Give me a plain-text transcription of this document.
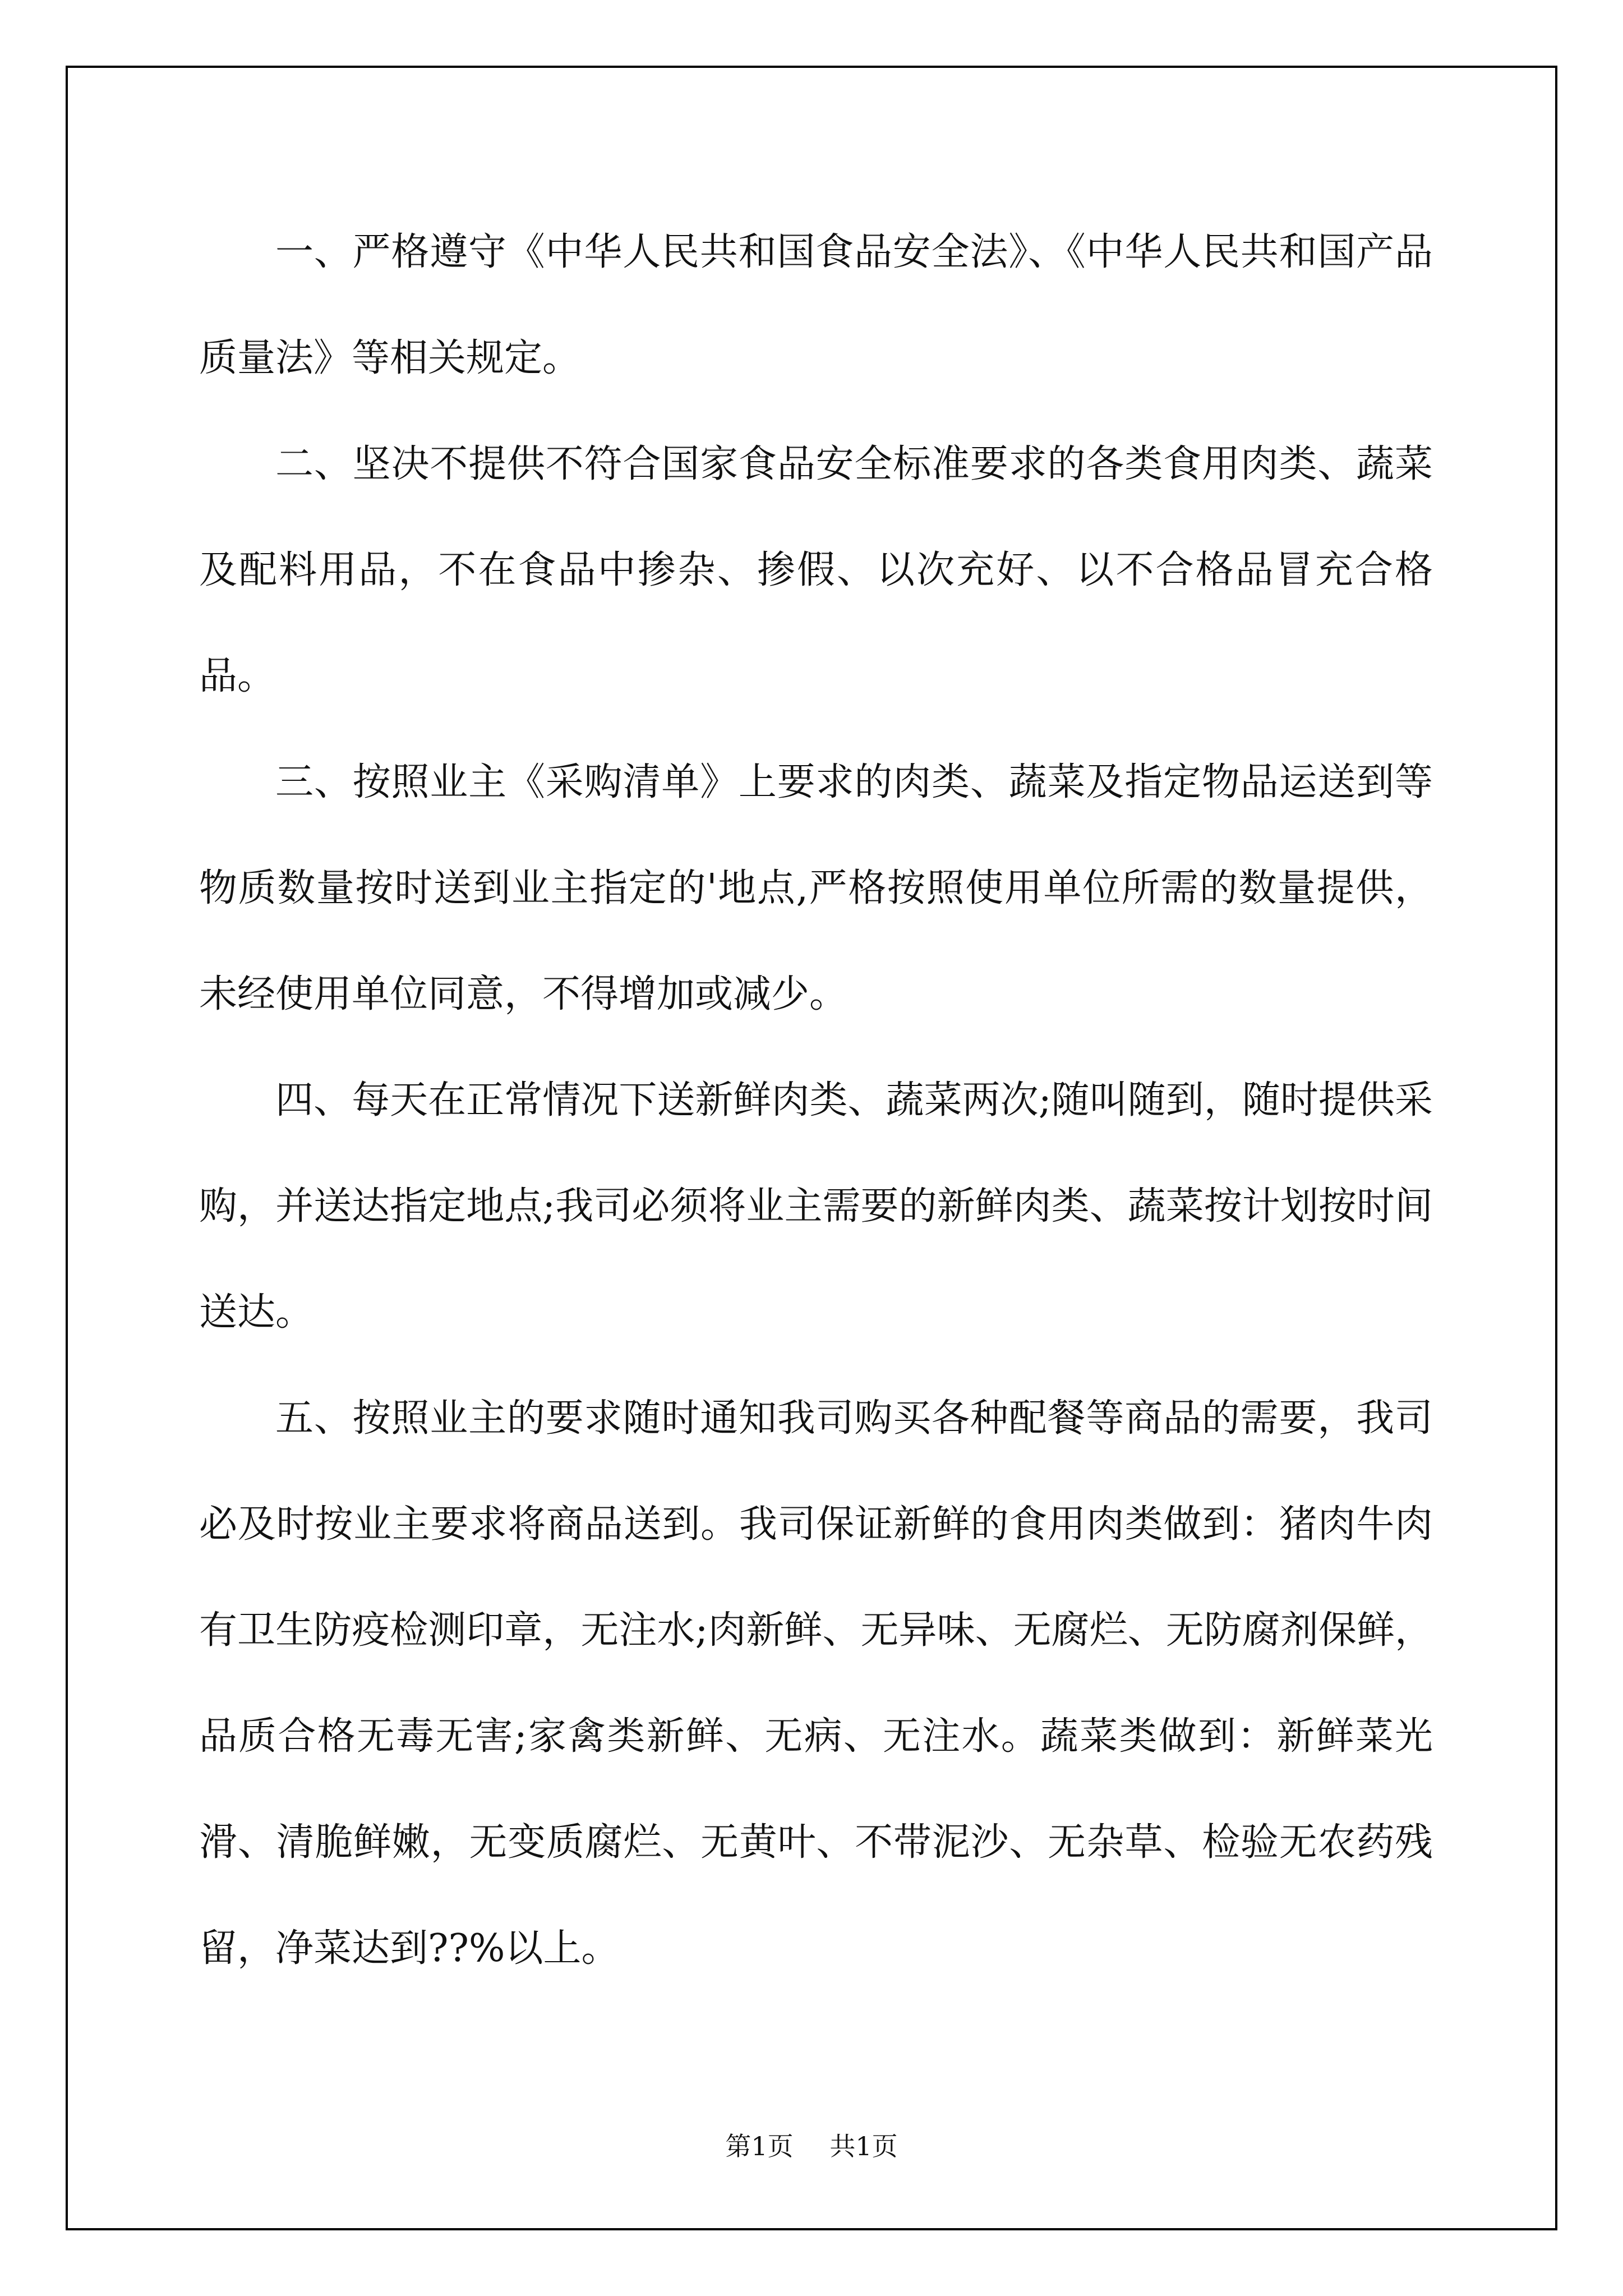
一、严格遵守《中华人民共和国食品安全法》、《中华人民共和国产品质量法》等相关规定。

二、坚决不提供不符合国家食品安全标准要求的各类食用肉类、蔬菜及配料用品，不在食品中掺杂、掺假、以次充好、以不合格品冒充合格品。

三、按照业主《采购清单》上要求的肉类、蔬菜及指定物品运送到等物质数量按时送到业主指定的'地点,严格按照使用单位所需的数量提供，未经使用单位同意，不得增加或减少。

四、每天在正常情况下送新鲜肉类、蔬菜两次;随叫随到，随时提供采购，并送达指定地点;我司必须将业主需要的新鲜肉类、蔬菜按计划按时间送达。

五、按照业主的要求随时通知我司购买各种配餐等商品的需要，我司必及时按业主要求将商品送到。我司保证新鲜的食用肉类做到：猪肉牛肉有卫生防疫检测印章，无注水;肉新鲜、无异味、无腐烂、无防腐剂保鲜，品质合格无毒无害;家禽类新鲜、无病、无注水。蔬菜类做到：新鲜菜光滑、清脆鲜嫩，无变质腐烂、无黄叶、不带泥沙、无杂草、检验无农药残留，净菜达到??%以上。

第1页 共1页
